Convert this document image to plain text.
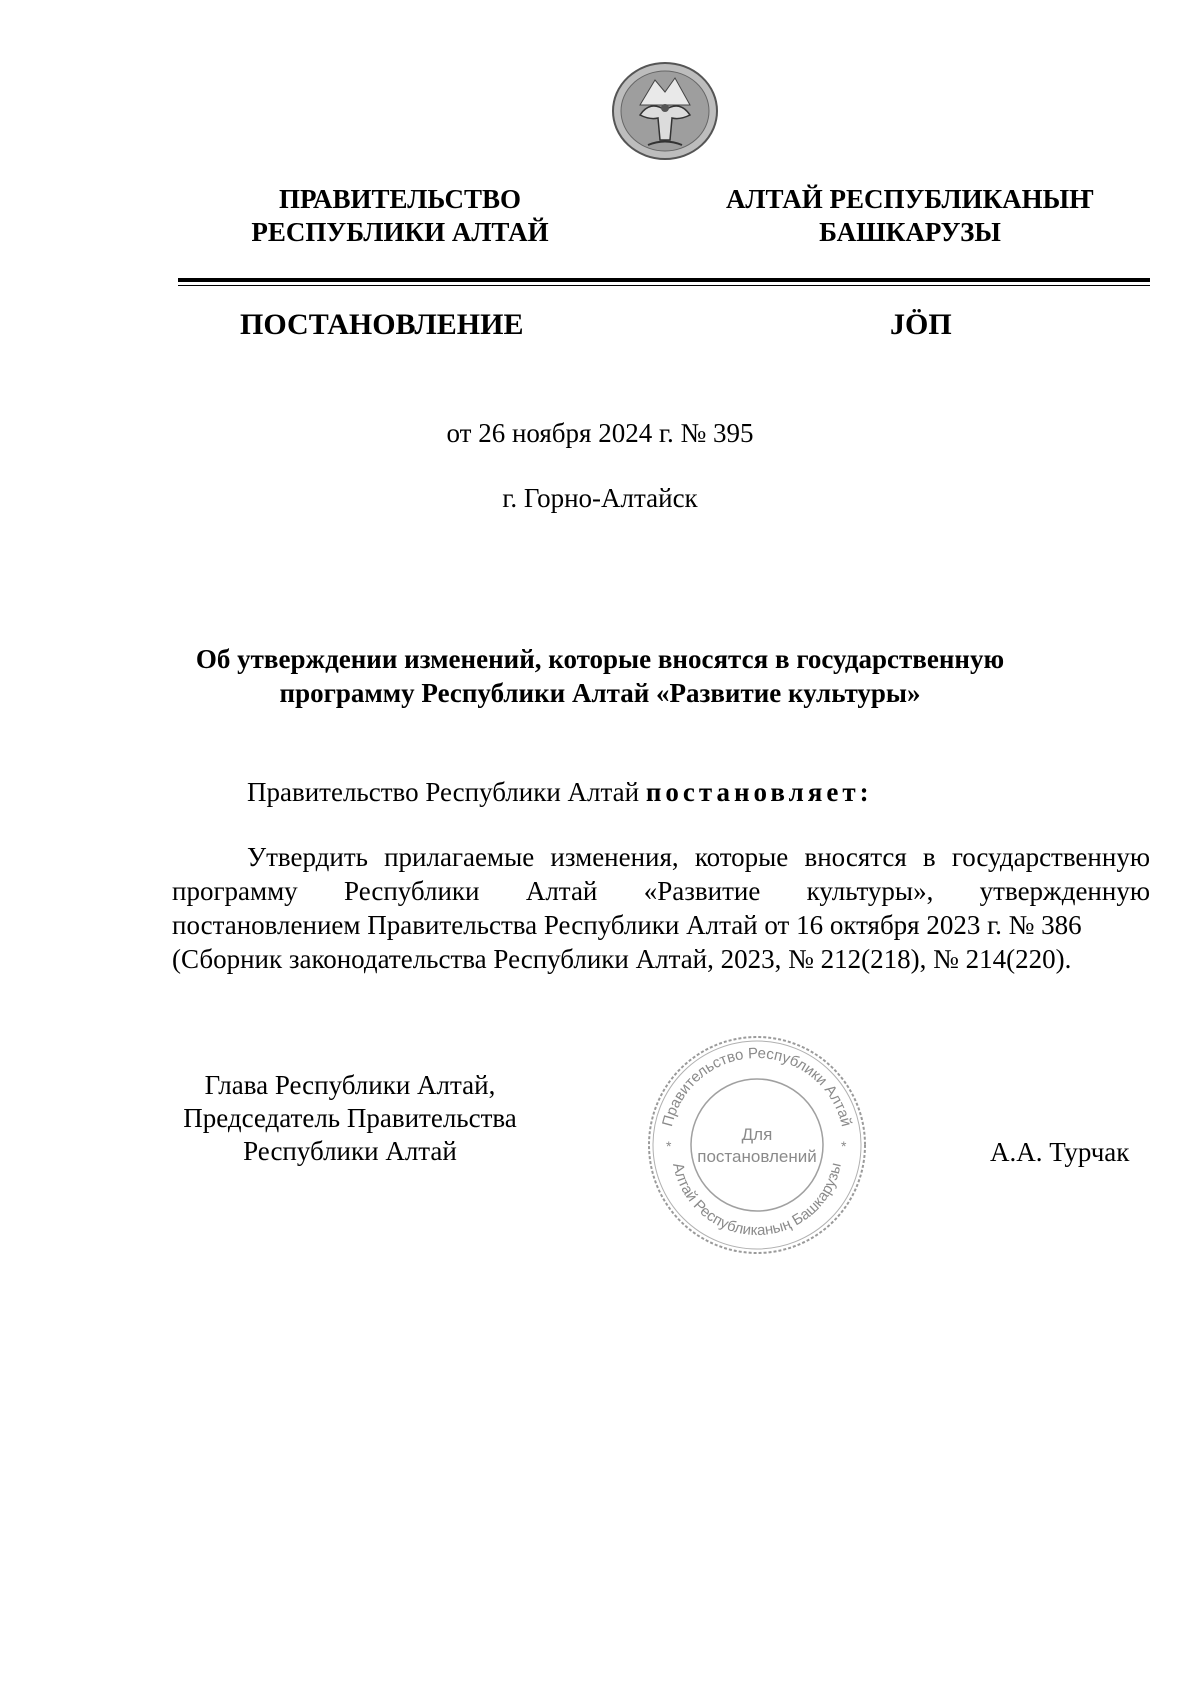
ПРАВИТЕЛЬСТВО
РЕСПУБЛИКИ АЛТАЙ
АЛТАЙ РЕСПУБЛИКАНЫҤ
БАШКАРУЗЫ
ПОСТАНОВЛЕНИЕ	JӦП
от 26 ноября 2024 г. № 395
г. Горно-Алтайск
Об утверждении изменений, которые вносятся в государственную
программу Республики Алтай «Развитие культуры»
Правительство Республики Алтай постановляет:
Утвердить прилагаемые изменения, которые вносятся в государственную
программу Республики Алтай «Развитие культуры», утвержденную
постановлением Правительства Республики Алтай от 16 октября 2023 г. № 386
(Сборник законодательства Республики Алтай, 2023, № 212(218), № 214(220).
Глава Республики Алтай,
Председатель Правительства
Республики Алтай	А.А. Турчак
Правительство Республики Алтай
Алтай Республиканың Башкарузы
*	*
Для
постановлений
